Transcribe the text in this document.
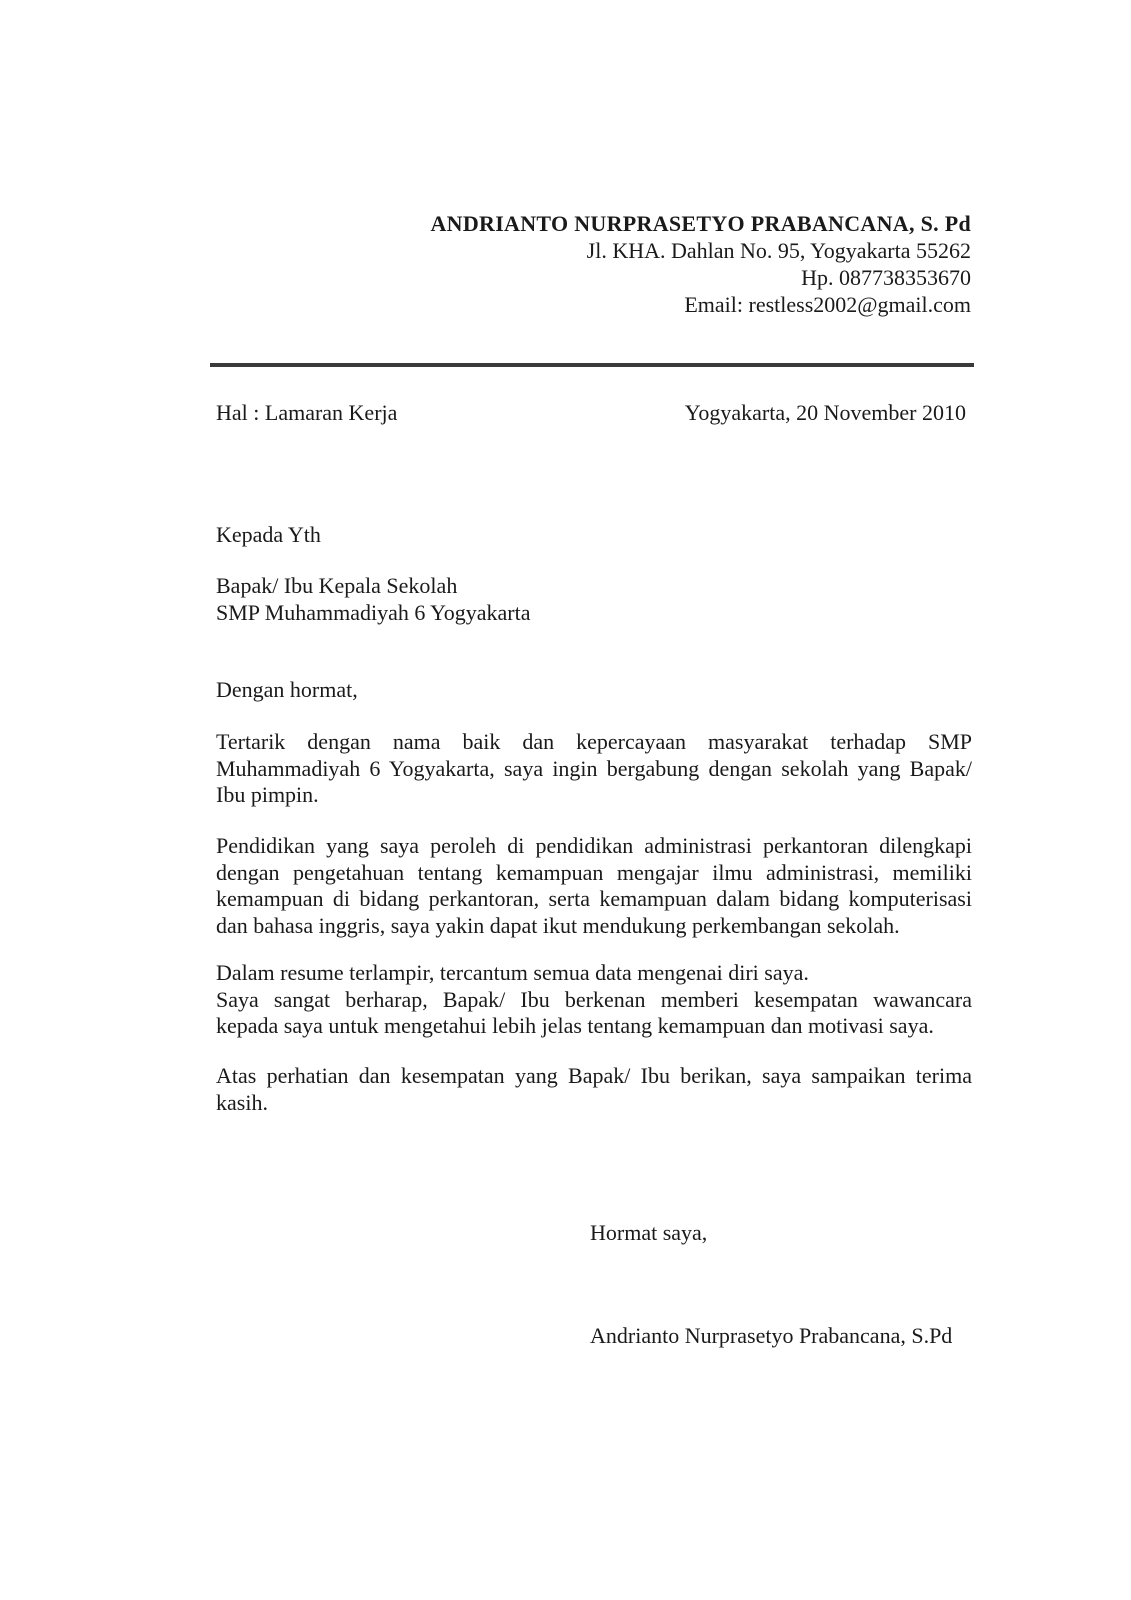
ANDRIANTO NURPRASETYO PRABANCANA, S. Pd
Jl. KHA. Dahlan No. 95, Yogyakarta 55262
Hp. 087738353670
Email: restless2002@gmail.com
Hal : Lamaran Kerja	Yogyakarta, 20 November 2010
Kepada Yth
Bapak/ Ibu Kepala Sekolah
SMP Muhammadiyah 6 Yogyakarta
Dengan hormat,
Tertarik dengan nama baik dan kepercayaan masyarakat terhadap SMP
Muhammadiyah 6 Yogyakarta, saya ingin bergabung dengan sekolah yang Bapak/
Ibu pimpin.
Pendidikan yang saya peroleh di pendidikan administrasi perkantoran dilengkapi
dengan pengetahuan tentang kemampuan mengajar ilmu administrasi, memiliki
kemampuan di bidang perkantoran, serta kemampuan dalam bidang komputerisasi
dan bahasa inggris, saya yakin dapat ikut mendukung perkembangan sekolah.
Dalam resume terlampir, tercantum semua data mengenai diri saya.
Saya sangat berharap, Bapak/ Ibu berkenan memberi kesempatan wawancara
kepada saya untuk mengetahui lebih jelas tentang kemampuan dan motivasi saya.
Atas perhatian dan kesempatan yang Bapak/ Ibu berikan, saya sampaikan terima
kasih.
Hormat saya,
Andrianto Nurprasetyo Prabancana, S.Pd
